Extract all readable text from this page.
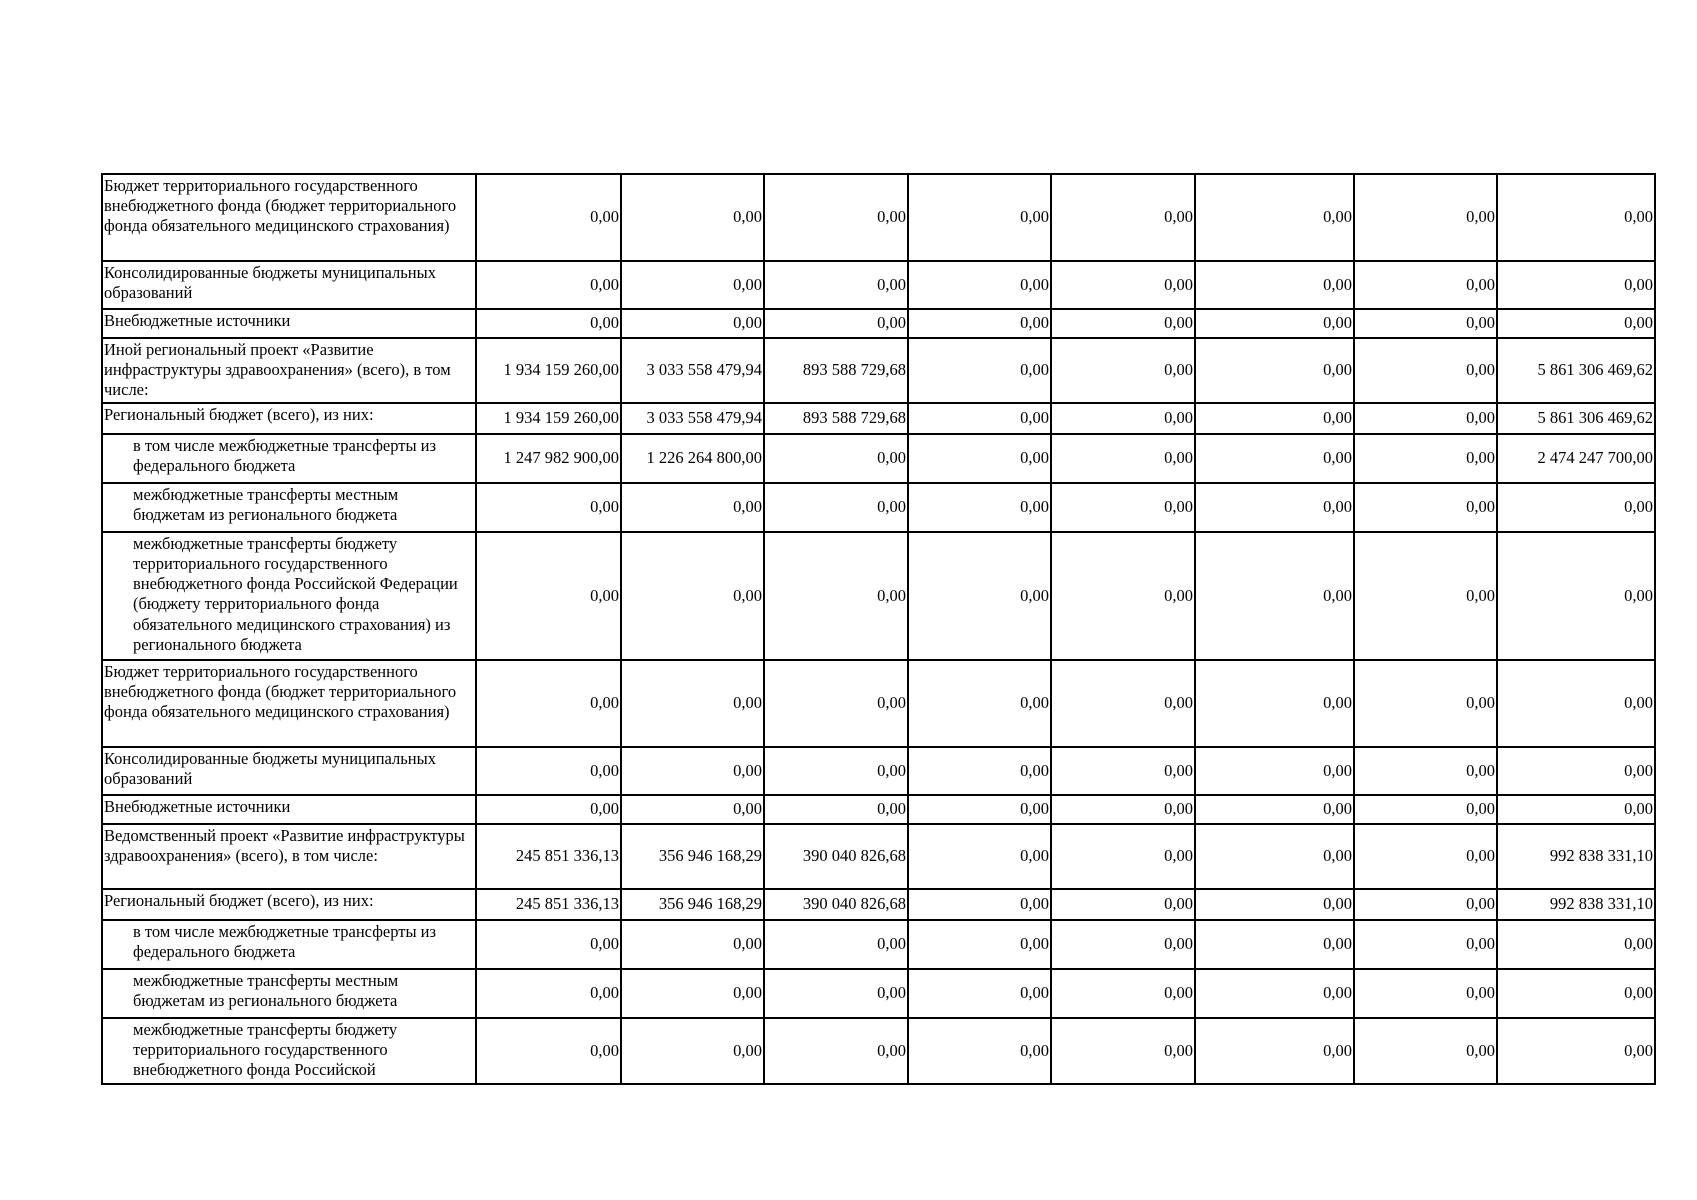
Бюджет территориального государственного внебюджетного фонда (бюджет территориального фонда обязательного медицинского страхования)	0,00	0,00	0,00	0,00	0,00	0,00	0,00	0,00
Консолидированные бюджеты муниципальных образований	0,00	0,00	0,00	0,00	0,00	0,00	0,00	0,00
Внебюджетные источники	0,00	0,00	0,00	0,00	0,00	0,00	0,00	0,00
Иной региональный проект «Развитие инфраструктуры здравоохранения» (всего), в том числе:	1 934 159 260,00	3 033 558 479,94	893 588 729,68	0,00	0,00	0,00	0,00	5 861 306 469,62
Региональный бюджет (всего), из них:	1 934 159 260,00	3 033 558 479,94	893 588 729,68	0,00	0,00	0,00	0,00	5 861 306 469,62
в том числе межбюджетные трансферты из федерального бюджета	1 247 982 900,00	1 226 264 800,00	0,00	0,00	0,00	0,00	0,00	2 474 247 700,00
межбюджетные трансферты местным бюджетам из регионального бюджета	0,00	0,00	0,00	0,00	0,00	0,00	0,00	0,00
межбюджетные трансферты бюджету территориального государственного внебюджетного фонда Российской Федерации (бюджету территориального фонда обязательного медицинского страхования) из регионального бюджета	0,00	0,00	0,00	0,00	0,00	0,00	0,00	0,00
Бюджет территориального государственного внебюджетного фонда (бюджет территориального фонда обязательного медицинского страхования)	0,00	0,00	0,00	0,00	0,00	0,00	0,00	0,00
Консолидированные бюджеты муниципальных образований	0,00	0,00	0,00	0,00	0,00	0,00	0,00	0,00
Внебюджетные источники	0,00	0,00	0,00	0,00	0,00	0,00	0,00	0,00
Ведомственный проект «Развитие инфраструктуры здравоохранения» (всего), в том числе:	245 851 336,13	356 946 168,29	390 040 826,68	0,00	0,00	0,00	0,00	992 838 331,10
Региональный бюджет (всего), из них:	245 851 336,13	356 946 168,29	390 040 826,68	0,00	0,00	0,00	0,00	992 838 331,10
в том числе межбюджетные трансферты из федерального бюджета	0,00	0,00	0,00	0,00	0,00	0,00	0,00	0,00
межбюджетные трансферты местным бюджетам из регионального бюджета	0,00	0,00	0,00	0,00	0,00	0,00	0,00	0,00
межбюджетные трансферты бюджету территориального государственного внебюджетного фонда Российской	0,00	0,00	0,00	0,00	0,00	0,00	0,00	0,00
